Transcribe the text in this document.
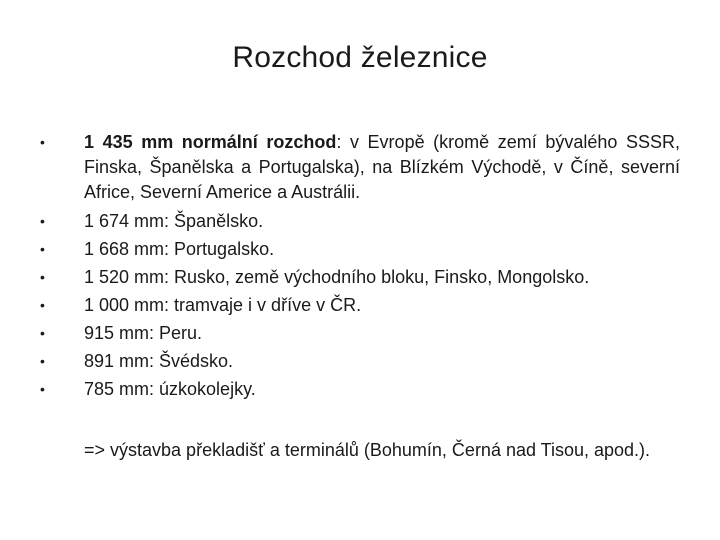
Rozchod železnice
•	1 435 mm normální rozchod: v Evropě (kromě zemí bývalého SSSR, Finska, Španělska a Portugalska), na Blízkém Východě, v Číně, severní Africe, Severní Americe a Austrálii.
•	1 674 mm: Španělsko.
•	1 668 mm: Portugalsko.
•	1 520 mm: Rusko, země východního bloku, Finsko, Mongolsko.
•	1 000 mm: tramvaje i v dříve v ČR.
•	915 mm: Peru.
•	891 mm: Švédsko.
•	785 mm: úzkokolejky.
=> výstavba překladišť a terminálů (Bohumín, Černá nad Tisou, apod.).
